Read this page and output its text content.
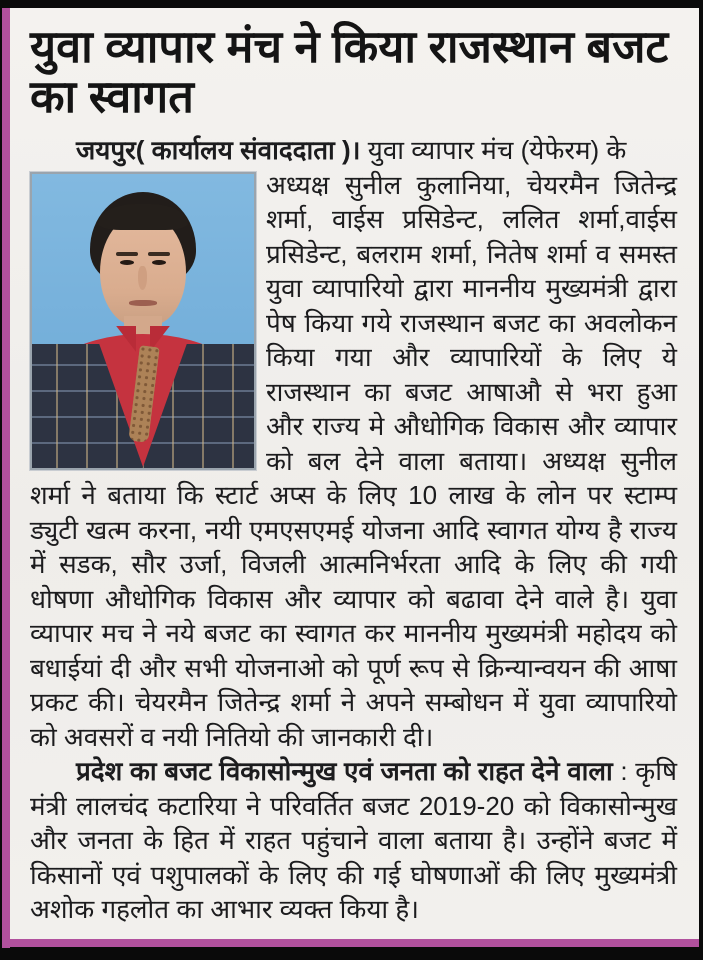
युवा व्यापार मंच ने किया राजस्थान बजट का स्वागत
जयपुर( कार्यालय संवाददाता )। युवा व्यापार मंच (येफेरम) के
अध्यक्ष सुनील कुलानिया, चेयरमैन जितेन्द्र शर्मा, वाईस प्रसिडेन्ट, ललित शर्मा,वाईस प्रसिडेन्ट, बलराम शर्मा, नितेष शर्मा व समस्त युवा व्यापारियो द्वारा माननीय मुख्यमंत्री द्वारा पेष किया गये राजस्थान बजट का अवलोकन किया गया और व्यापारियों के लिए ये राजस्थान का बजट आषाऔ से भरा हुआ और राज्य मे औधोगिक विकास और व्यापार को बल देने वाला बताया। अध्यक्ष सुनील शर्मा ने बताया कि स्टार्ट अप्स के लिए 10 लाख के लोन पर स्टाम्प ड्युटी खत्म करना, नयी एमएसएमई योजना आदि स्वागत योग्य है राज्य में सडक, सौर उर्जा, विजली आत्मनिर्भरता आदि के लिए की गयी धोषणा औधोगिक विकास और व्यापार को बढावा देने वाले है। युवा व्यापार मच ने नये बजट का स्वागत कर माननीय मुख्यमंत्री महोदय को बधाईयां दी और सभी योजनाओ को पूर्ण रूप से क्रिन्यान्वयन की आषा प्रकट की। चेयरमैन जितेन्द्र शर्मा ने अपने सम्बोधन में युवा व्यापारियो को अवसरों व नयी नितियो की जानकारी दी।
प्रदेश का बजट विकासोन्मुख एवं जनता को राहत देने वाला : कृषि मंत्री लालचंद कटारिया ने परिवर्तित बजट 2019-20 को विकासोन्मुख और जनता के हित में राहत पहुंचाने वाला बताया है। उन्होंने बजट में किसानों एवं पशुपालकों के लिए की गई घोषणाओं की लिए मुख्यमंत्री अशोक गहलोत का आभार व्यक्त किया है।
